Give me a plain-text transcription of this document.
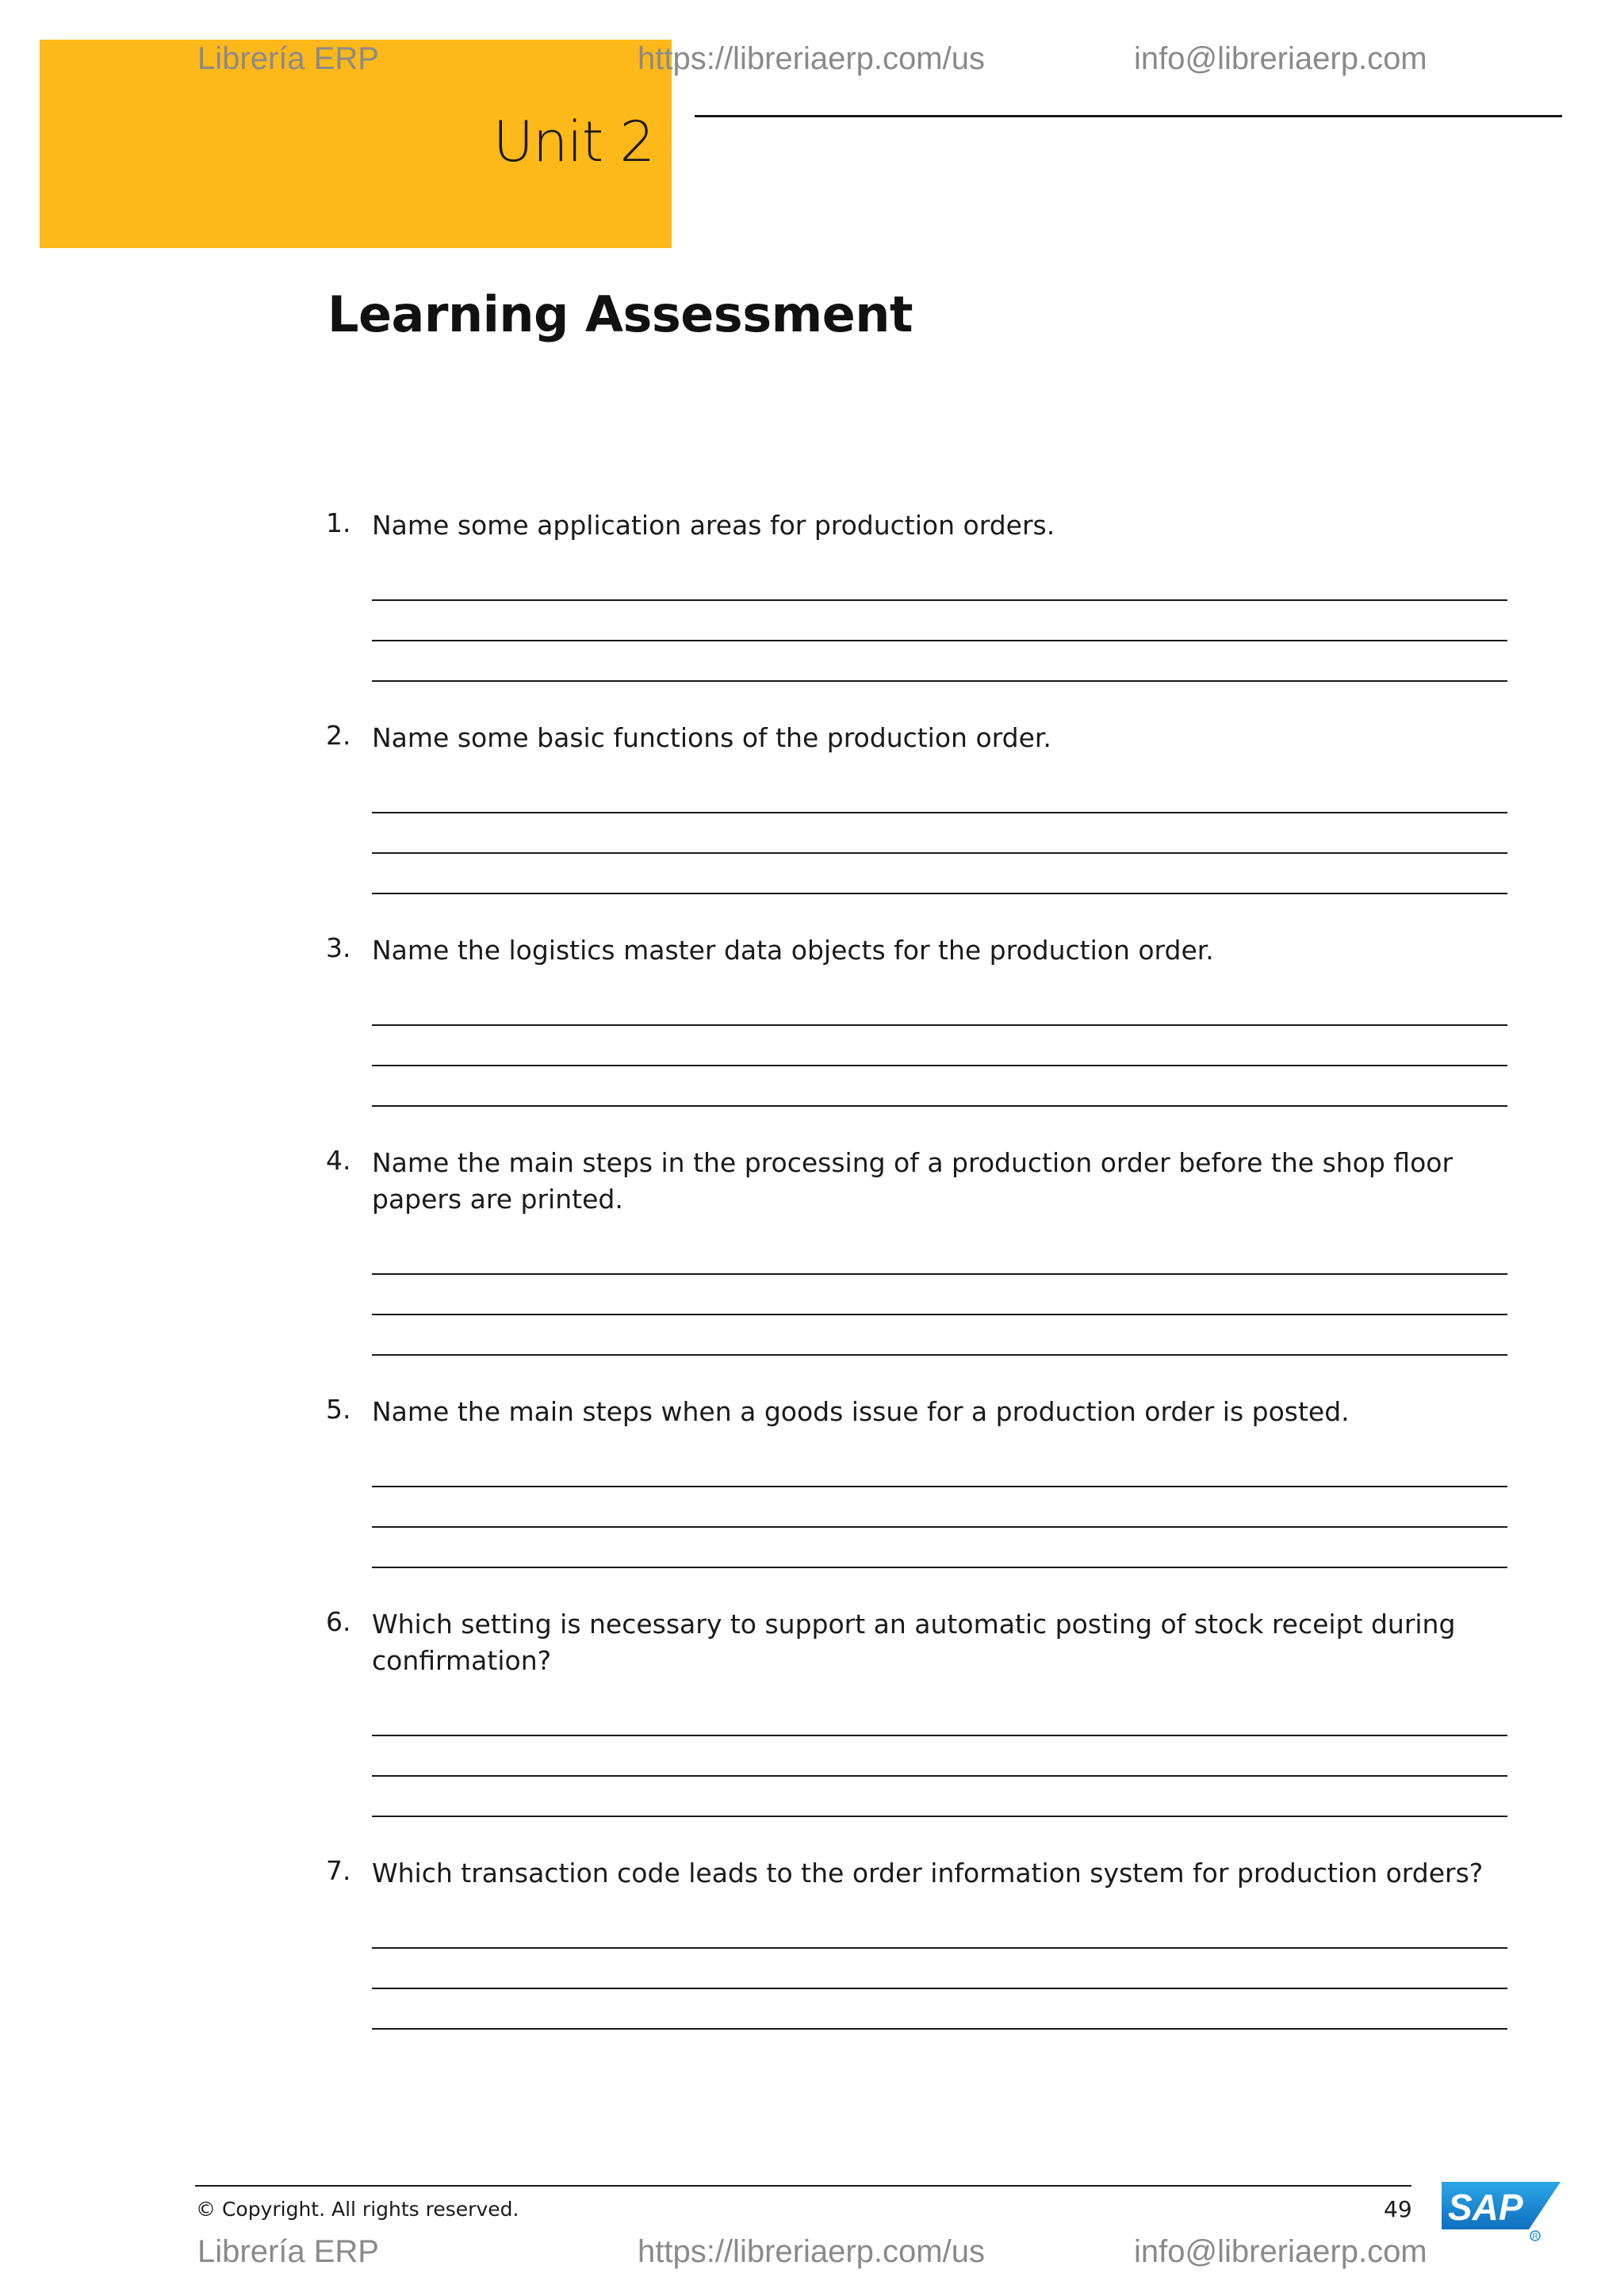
Unit 2
Librería ERP	https://libreriaerp.com/us	info@libreriaerp.com
Learning Assessment
1. Name some application areas for production orders.
2. Name some basic functions of the production order.
3. Name the logistics master data objects for the production order.
4. Name the main steps in the processing of a production order before the shop floor papers are printed.
5. Name the main steps when a goods issue for a production order is posted.
6. Which setting is necessary to support an automatic posting of stock receipt during confirmation?
7. Which transaction code leads to the order information system for production orders?
© Copyright. All rights reserved.	49 SAP
R
Librería ERP	https://libreriaerp.com/us	info@libreriaerp.com
